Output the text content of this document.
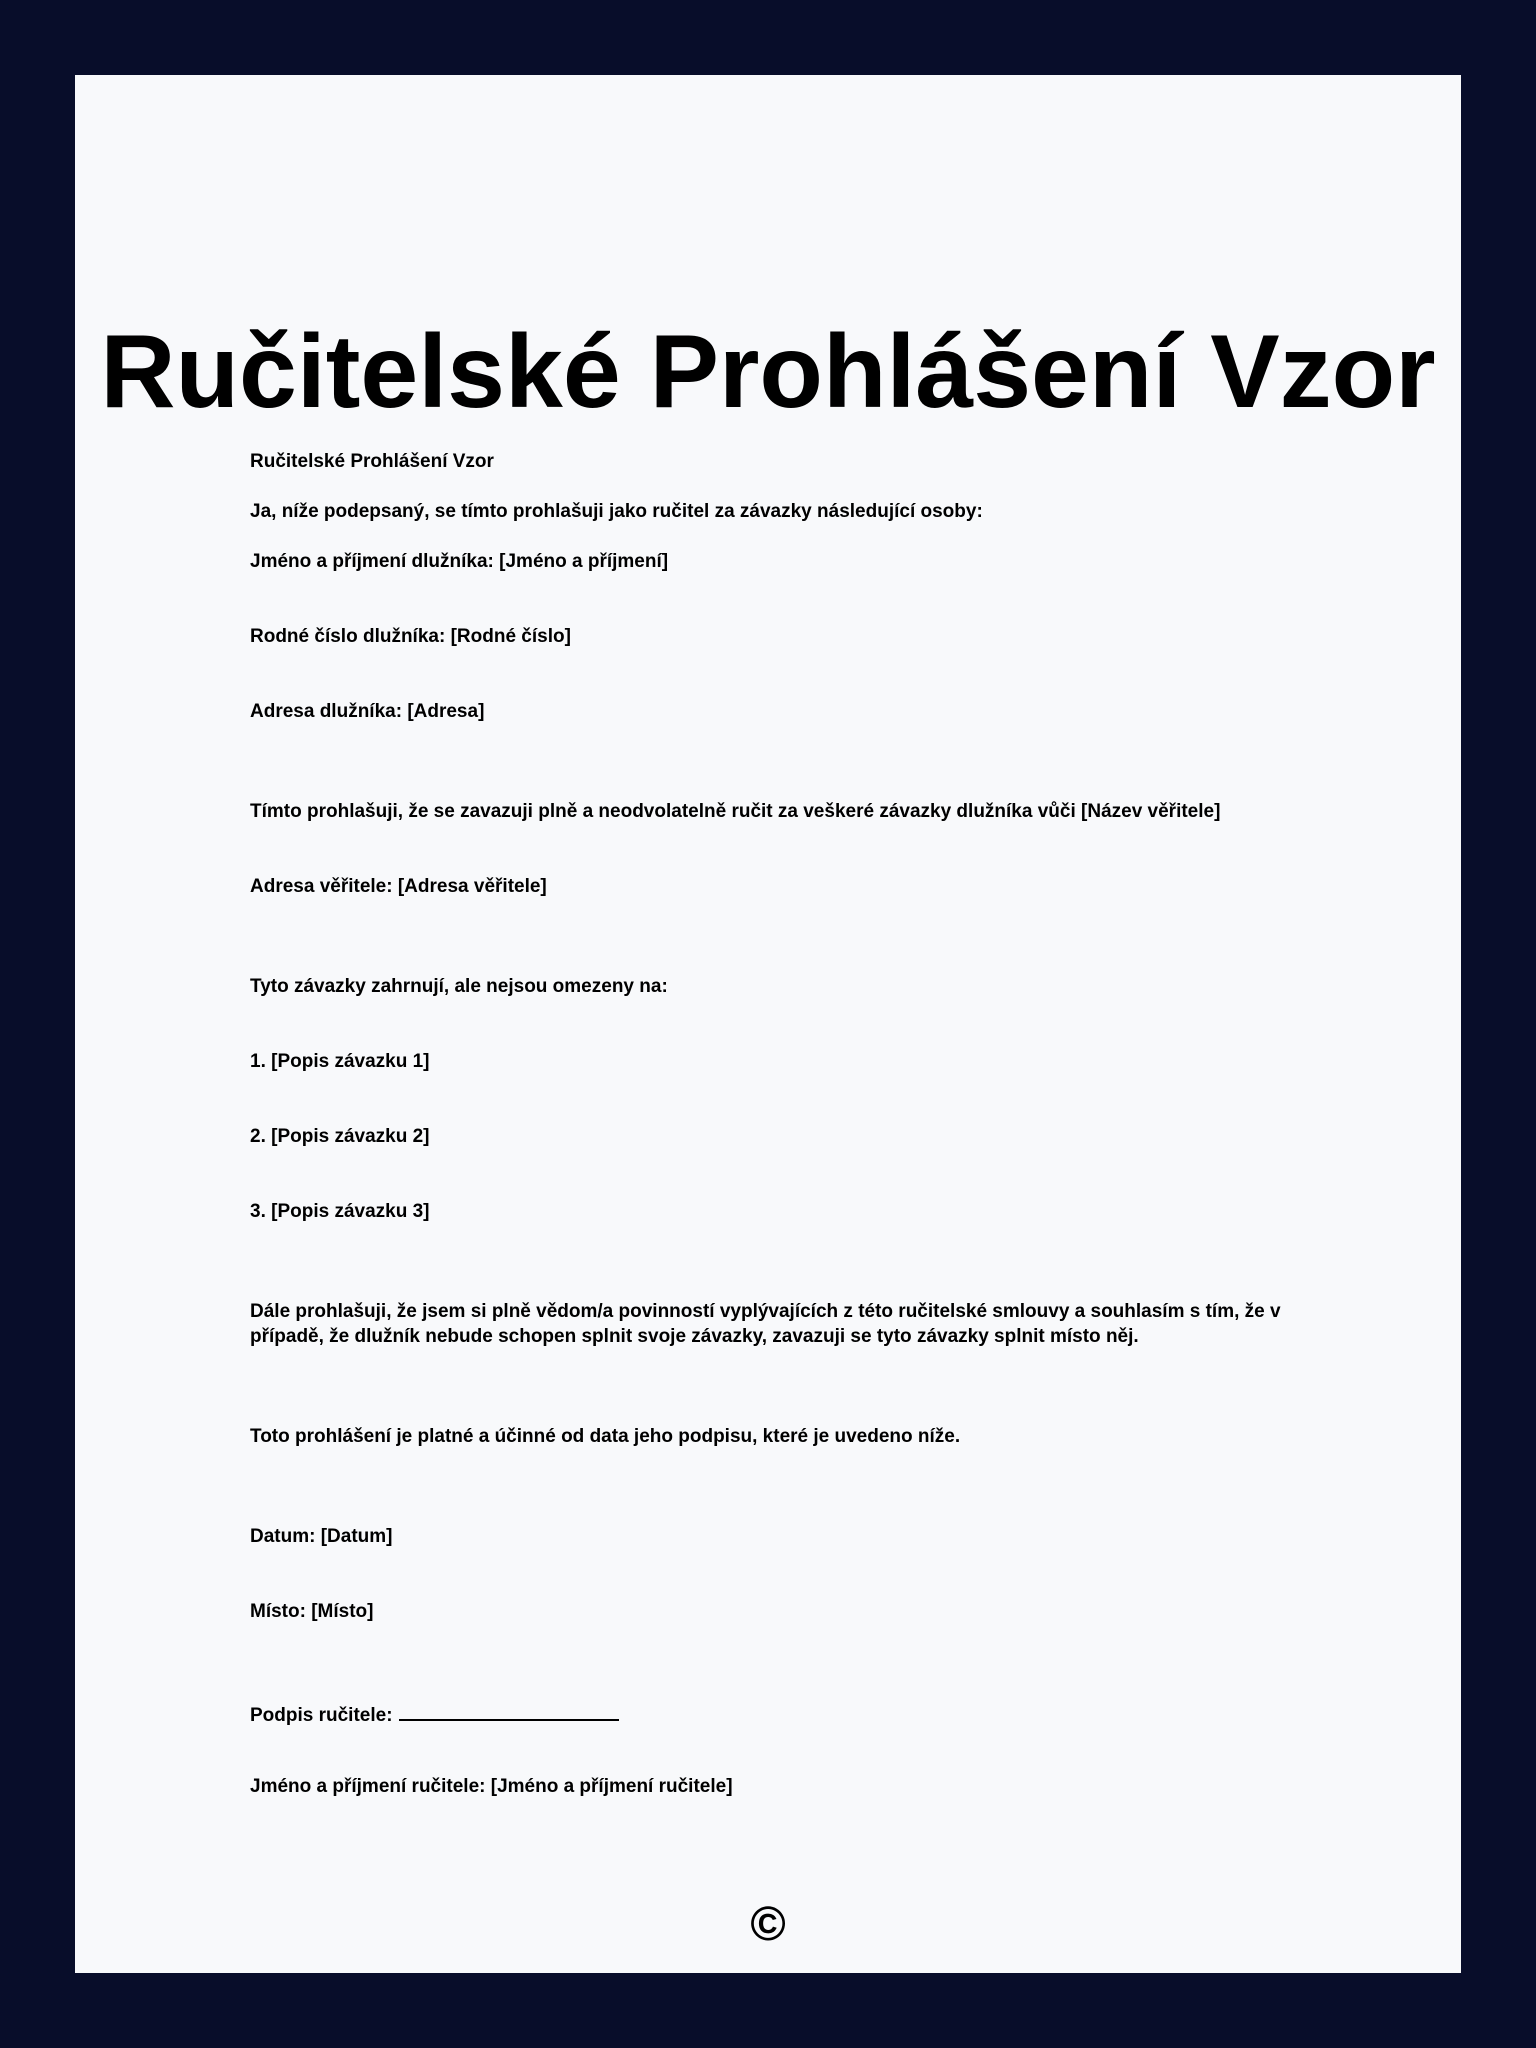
Ručitelské Prohlášení Vzor

Ručitelské Prohlášení Vzor

Ja, níže podepsaný, se tímto prohlašuji jako ručitel za závazky následující osoby:

Jméno a příjmení dlužníka: [Jméno a příjmení]

Rodné číslo dlužníka: [Rodné číslo]

Adresa dlužníka: [Adresa]

Tímto prohlašuji, že se zavazuji plně a neodvolatelně ručit za veškeré závazky dlužníka vůči [Název věřitele]

Adresa věřitele: [Adresa věřitele]

Tyto závazky zahrnují, ale nejsou omezeny na:

1. [Popis závazku 1]

2. [Popis závazku 2]

3. [Popis závazku 3]

Dále prohlašuji, že jsem si plně vědom/a povinností vyplývajících z této ručitelské smlouvy a souhlasím s tím, že v případě, že dlužník nebude schopen splnit svoje závazky, zavazuji se tyto závazky splnit místo něj.

Toto prohlášení je platné a účinné od data jeho podpisu, které je uvedeno níže.

Datum: [Datum]

Místo: [Místo]

Podpis ručitele:

Jméno a příjmení ručitele: [Jméno a příjmení ručitele]

©
